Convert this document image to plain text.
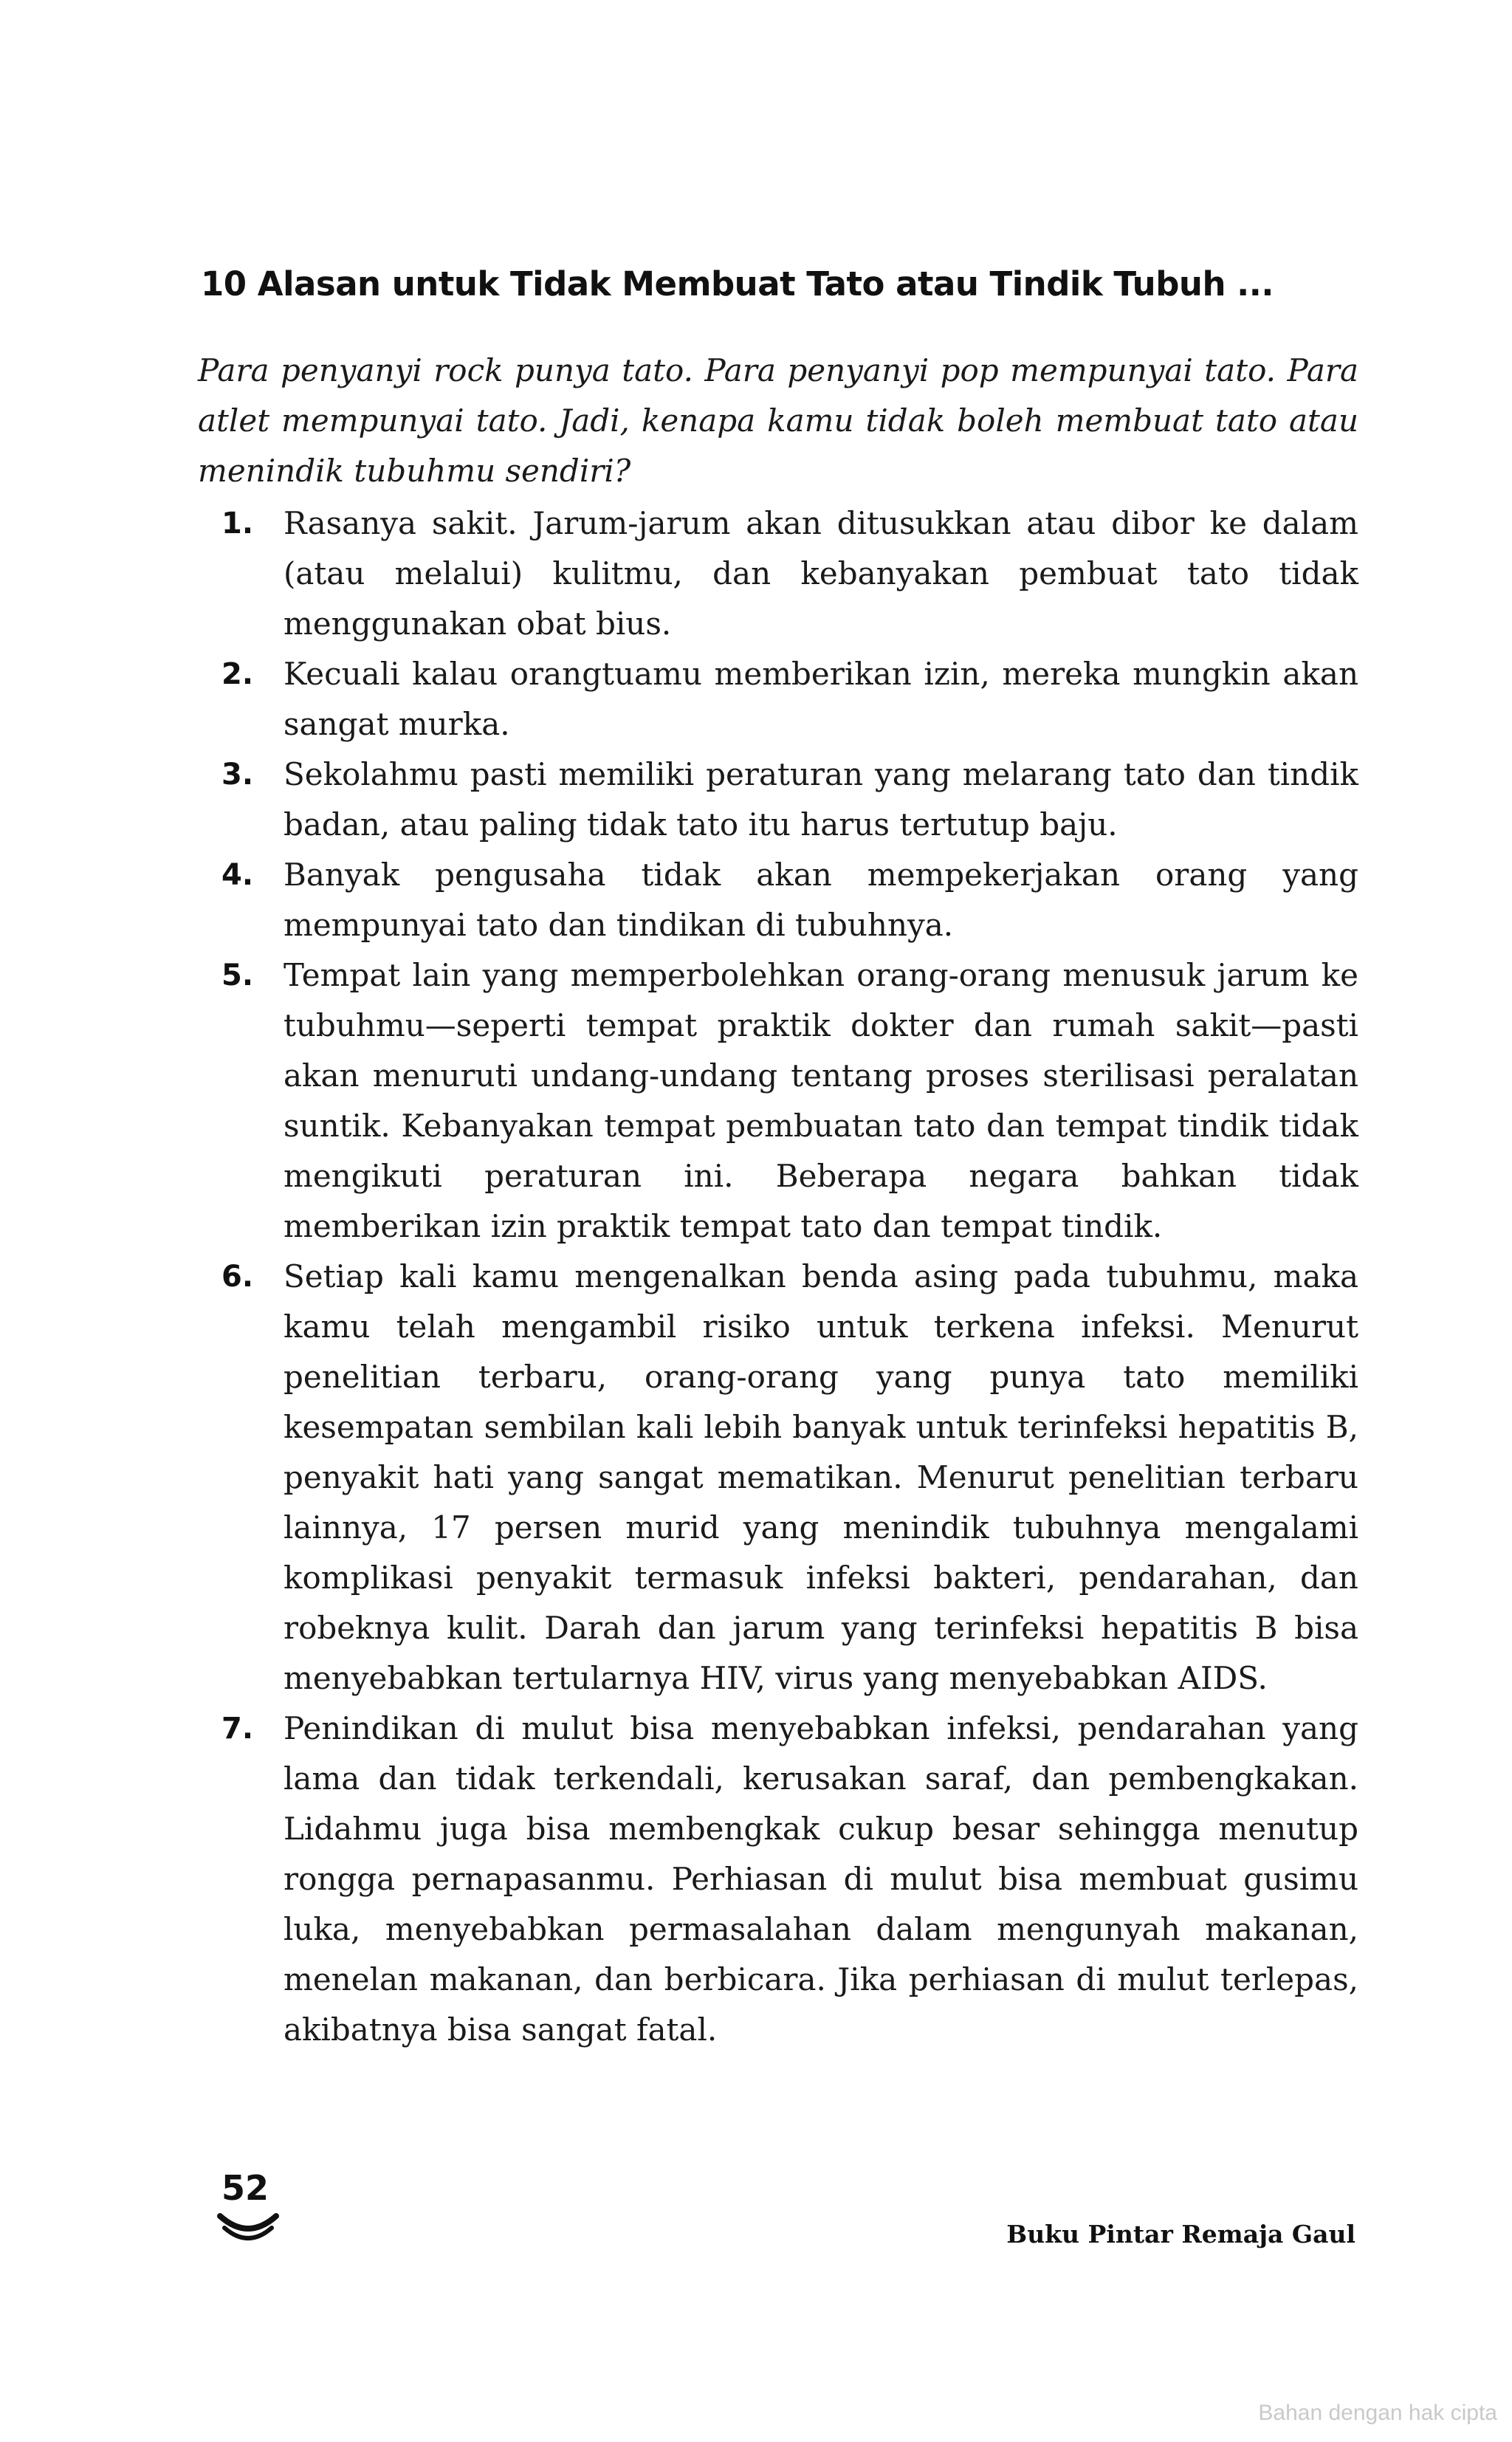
10 Alasan untuk Tidak Membuat Tato atau Tindik Tubuh ...

Para penyanyi rock punya tato. Para penyanyi pop mempunyai tato. Para atlet mempunyai tato. Jadi, kenapa kamu tidak boleh membuat tato atau menindik tubuhmu sendiri?

1. Rasanya sakit. Jarum-jarum akan ditusukkan atau dibor ke dalam (atau melalui) kulitmu, dan kebanyakan pembuat tato tidak menggunakan obat bius.
2. Kecuali kalau orangtuamu memberikan izin, mereka mungkin akan sangat murka.
3. Sekolahmu pasti memiliki peraturan yang melarang tato dan tindik badan, atau paling tidak tato itu harus tertutup baju.
4. Banyak pengusaha tidak akan mempekerjakan orang yang mempunyai tato dan tindikan di tubuhnya.
5. Tempat lain yang memperbolehkan orang-orang menusuk jarum ke tubuhmu—seperti tempat praktik dokter dan rumah sakit—pasti akan menuruti undang-undang tentang proses sterilisasi peralatan suntik. Kebanyakan tempat pembuatan tato dan tempat tindik tidak mengikuti peraturan ini. Beberapa negara bahkan tidak memberikan izin praktik tempat tato dan tempat tindik.
6. Setiap kali kamu mengenalkan benda asing pada tubuhmu, maka kamu telah mengambil risiko untuk terkena infeksi. Menurut penelitian terbaru, orang-orang yang punya tato memiliki kesempatan sembilan kali lebih banyak untuk terinfeksi hepatitis B, penyakit hati yang sangat mematikan. Menurut penelitian terbaru lainnya, 17 persen murid yang menindik tubuhnya mengalami komplikasi penyakit termasuk infeksi bakteri, pendarahan, dan robeknya kulit. Darah dan jarum yang terinfeksi hepatitis B bisa menyebabkan tertularnya HIV, virus yang menyebabkan AIDS.
7. Penindikan di mulut bisa menyebabkan infeksi, pendarahan yang lama dan tidak terkendali, kerusakan saraf, dan pembengkakan. Lidahmu juga bisa membengkak cukup besar sehingga menutup rongga pernapasanmu. Perhiasan di mulut bisa membuat gusimu luka, menyebabkan permasalahan dalam mengunyah makanan, menelan makanan, dan berbicara. Jika perhiasan di mulut terlepas, akibatnya bisa sangat fatal.
52
Buku Pintar Remaja Gaul
Bahan dengan hak cipta
